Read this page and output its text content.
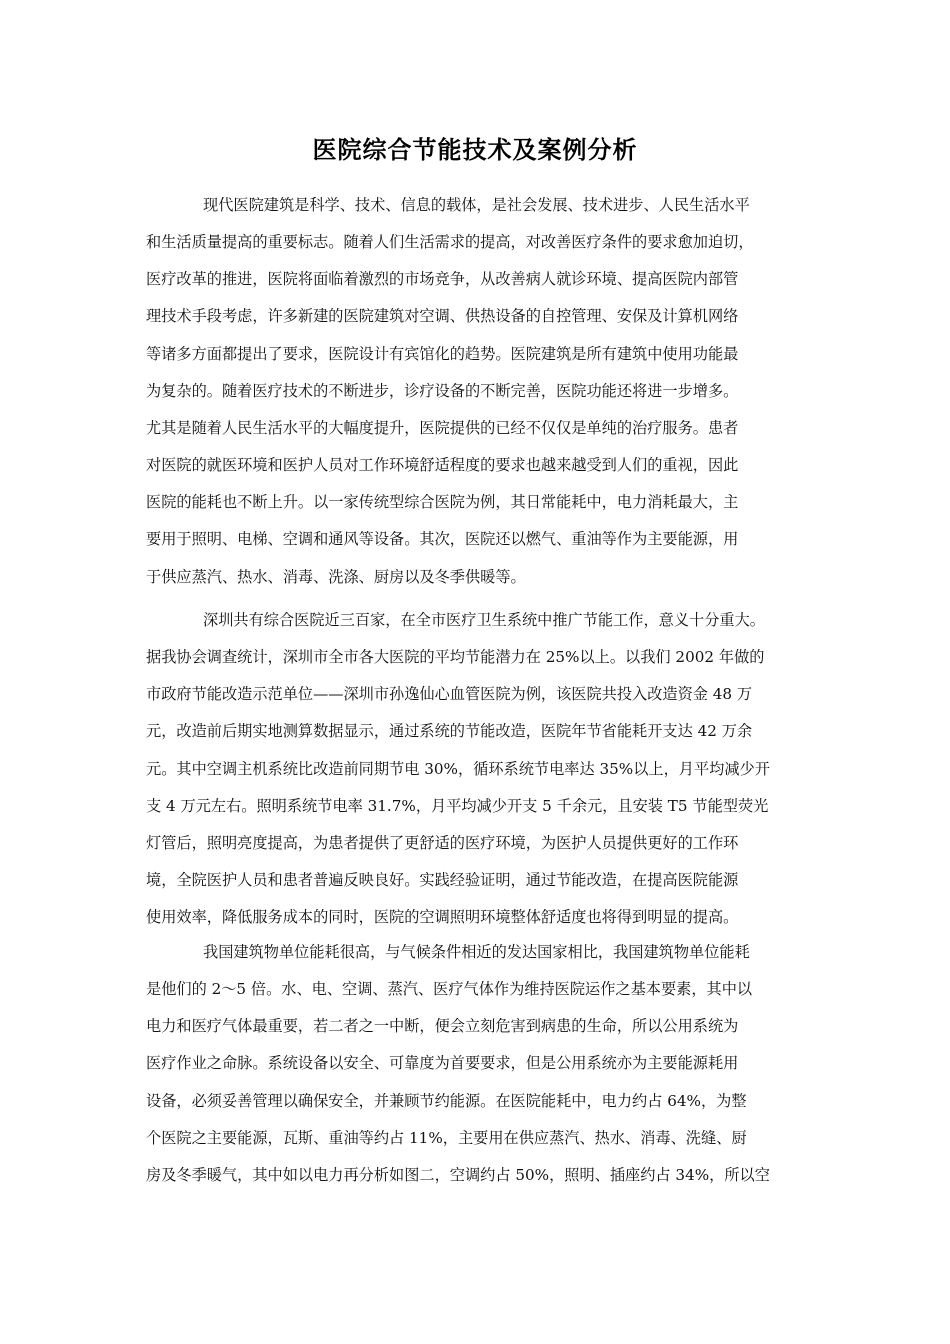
医院综合节能技术及案例分析
现代医院建筑是科学、技术、信息的载体，是社会发展、技术进步、人民生活水平
和生活质量提高的重要标志。随着人们生活需求的提高，对改善医疗条件的要求愈加迫切，
医疗改革的推进，医院将面临着激烈的市场竞争，从改善病人就诊环境、提高医院内部管
理技术手段考虑，许多新建的医院建筑对空调、供热设备的自控管理、安保及计算机网络
等诸多方面都提出了要求，医院设计有宾馆化的趋势。医院建筑是所有建筑中使用功能最
为复杂的。随着医疗技术的不断进步，诊疗设备的不断完善，医院功能还将进一步增多。
尤其是随着人民生活水平的大幅度提升，医院提供的已经不仅仅是单纯的治疗服务。患者
对医院的就医环境和医护人员对工作环境舒适程度的要求也越来越受到人们的重视，因此
医院的能耗也不断上升。以一家传统型综合医院为例，其日常能耗中，电力消耗最大，主
要用于照明、电梯、空调和通风等设备。其次，医院还以燃气、重油等作为主要能源，用
于供应蒸汽、热水、消毒、洗涤、厨房以及冬季供暖等。
深圳共有综合医院近三百家，在全市医疗卫生系统中推广节能工作，意义十分重大。
据我协会调查统计，深圳市全市各大医院的平均节能潜力在 25%以上。以我们 2002 年做的
市政府节能改造示范单位——深圳市孙逸仙心血管医院为例，该医院共投入改造资金 48 万
元，改造前后期实地测算数据显示，通过系统的节能改造，医院年节省能耗开支达 42 万余
元。其中空调主机系统比改造前同期节电 30%，循环系统节电率达 35%以上，月平均减少开
支 4 万元左右。照明系统节电率 31.7%，月平均减少开支 5 千余元，且安装 T5 节能型荧光
灯管后，照明亮度提高，为患者提供了更舒适的医疗环境，为医护人员提供更好的工作环
境，全院医护人员和患者普遍反映良好。实践经验证明，通过节能改造，在提高医院能源
使用效率，降低服务成本的同时，医院的空调照明环境整体舒适度也将得到明显的提高。
我国建筑物单位能耗很高，与气候条件相近的发达国家相比，我国建筑物单位能耗
是他们的 2～5 倍。水、电、空调、蒸汽、医疗气体作为维持医院运作之基本要素，其中以
电力和医疗气体最重要，若二者之一中断，便会立刻危害到病患的生命，所以公用系统为
医疗作业之命脉。系统设备以安全、可靠度为首要要求，但是公用系统亦为主要能源耗用
设备，必须妥善管理以确保安全，并兼顾节约能源。在医院能耗中，电力约占 64%，为整
个医院之主要能源，瓦斯、重油等约占 11%，主要用在供应蒸汽、热水、消毒、洗缝、厨
房及冬季暖气，其中如以电力再分析如图二，空调约占 50%，照明、插座约占 34%，所以空
